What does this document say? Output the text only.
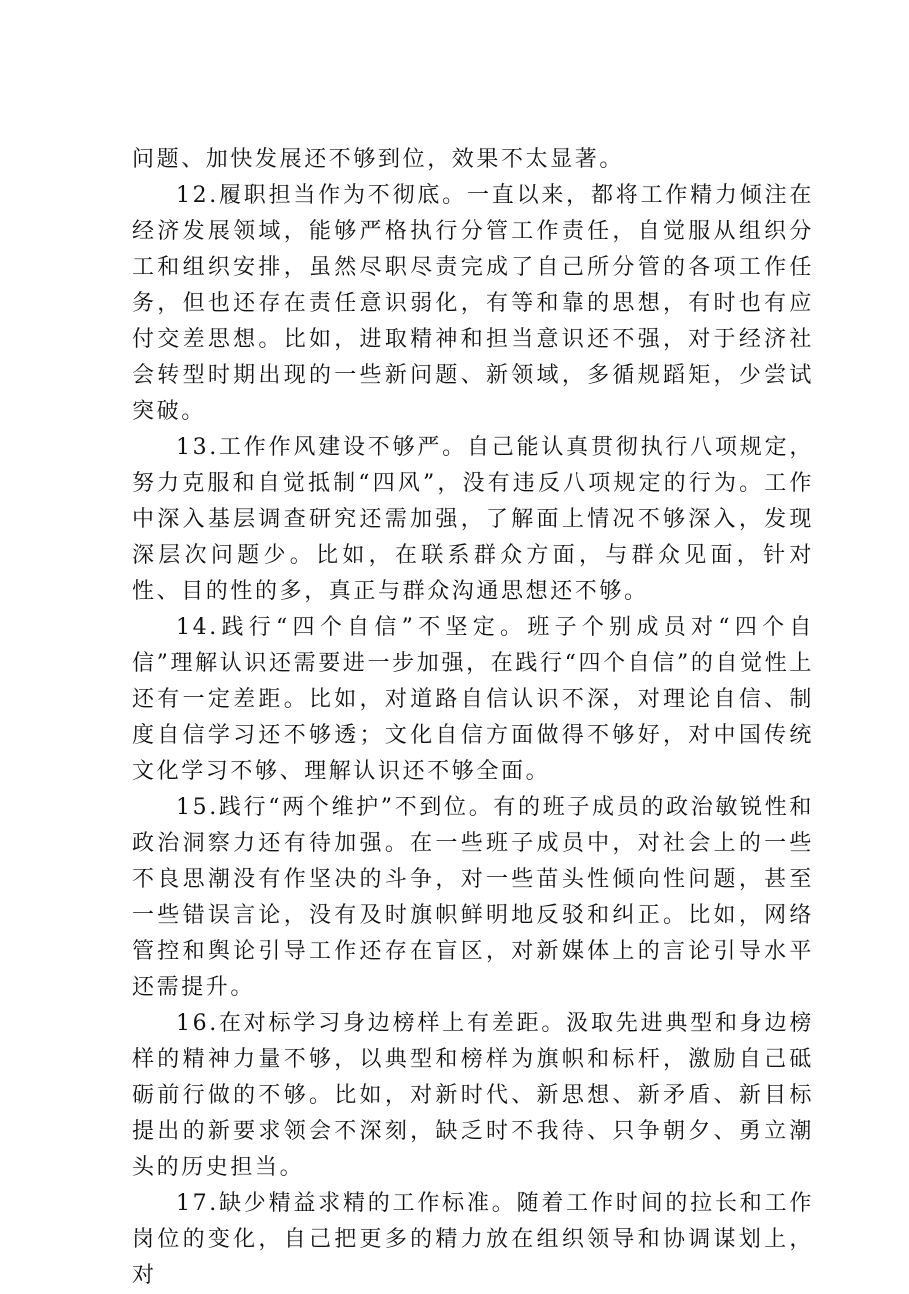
问题、加快发展还不够到位，效果不太显著。

12.履职担当作为不彻底。一直以来，都将工作精力倾注在经济发展领域，能够严格执行分管工作责任，自觉服从组织分工和组织安排，虽然尽职尽责完成了自己所分管的各项工作任务，但也还存在责任意识弱化，有等和靠的思想，有时也有应付交差思想。比如，进取精神和担当意识还不强，对于经济社会转型时期出现的一些新问题、新领域，多循规蹈矩，少尝试突破。

13.工作作风建设不够严。自己能认真贯彻执行八项规定，努力克服和自觉抵制“四风”，没有违反八项规定的行为。工作中深入基层调查研究还需加强，了解面上情况不够深入，发现深层次问题少。比如，在联系群众方面，与群众见面，针对性、目的性的多，真正与群众沟通思想还不够。

14.践行“四个自信”不坚定。班子个别成员对“四个自信”理解认识还需要进一步加强，在践行“四个自信”的自觉性上还有一定差距。比如，对道路自信认识不深，对理论自信、制度自信学习还不够透；文化自信方面做得不够好，对中国传统文化学习不够、理解认识还不够全面。

15.践行“两个维护”不到位。有的班子成员的政治敏锐性和政治洞察力还有待加强。在一些班子成员中，对社会上的一些不良思潮没有作坚决的斗争，对一些苗头性倾向性问题，甚至一些错误言论，没有及时旗帜鲜明地反驳和纠正。比如，网络管控和舆论引导工作还存在盲区，对新媒体上的言论引导水平还需提升。

16.在对标学习身边榜样上有差距。汲取先进典型和身边榜样的精神力量不够，以典型和榜样为旗帜和标杆，激励自己砥砺前行做的不够。比如，对新时代、新思想、新矛盾、新目标提出的新要求领会不深刻，缺乏时不我待、只争朝夕、勇立潮头的历史担当。

17.缺少精益求精的工作标准。随着工作时间的拉长和工作岗位的变化，自己把更多的精力放在组织领导和协调谋划上，对
